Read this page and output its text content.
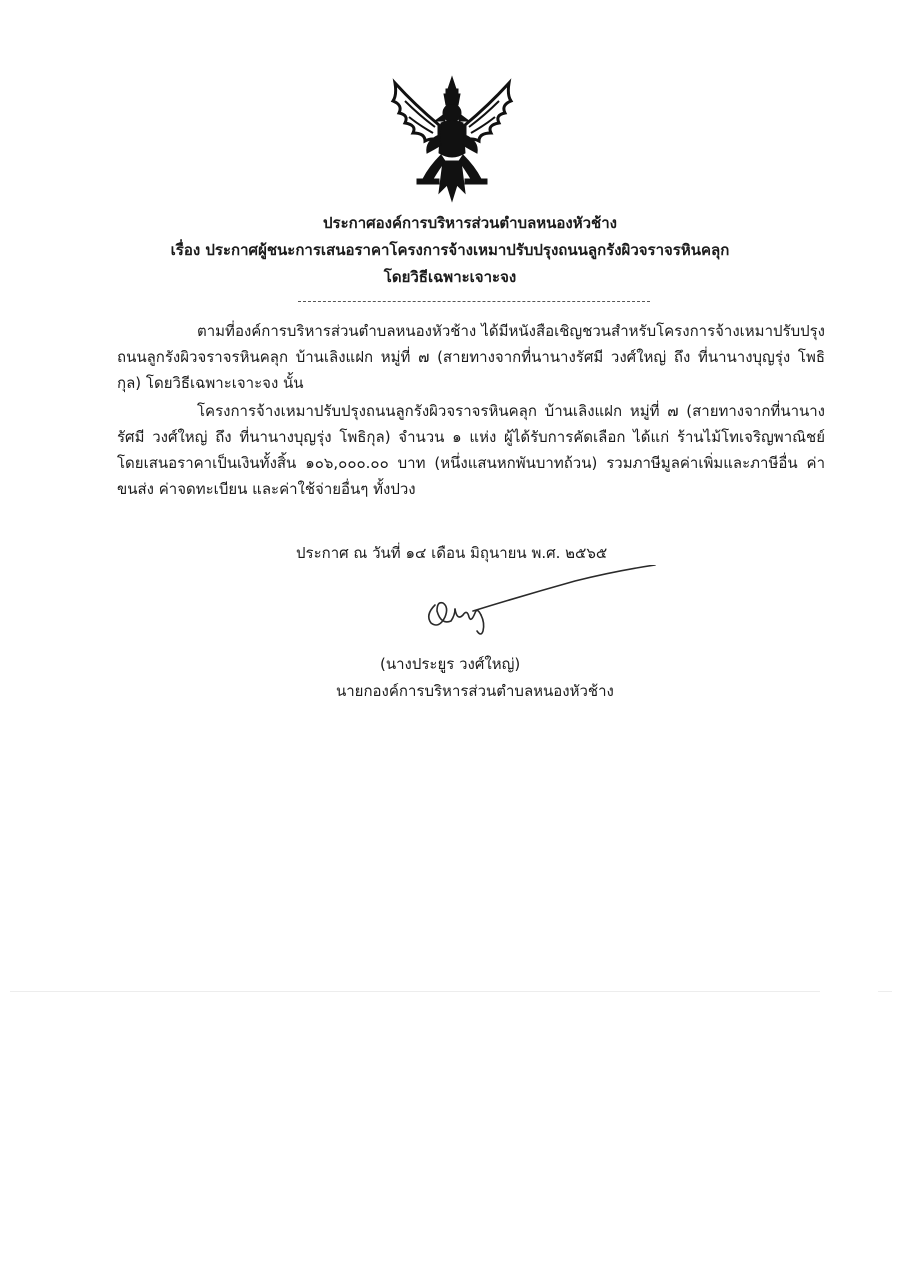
ประกาศองค์การบริหารส่วนตำบลหนองหัวช้าง
เรื่อง ประกาศผู้ชนะการเสนอราคาโครงการจ้างเหมาปรับปรุงถนนลูกรังผิวจราจรหินคลุก
โดยวิธีเฉพาะเจาะจง
ตามที่องค์การบริหารส่วนตำบลหนองหัวช้าง ได้มีหนังสือเชิญชวนสำหรับโครงการจ้างเหมาปรับปรุงถนนลูกรังผิวจราจรหินคลุก บ้านเลิงแฝก หมู่ที่ ๗ (สายทางจากที่นานางรัศมี วงศ์ใหญ่ ถึง ที่นานางบุญรุ่ง โพธิกุล) โดยวิธีเฉพาะเจาะจง นั้น
โครงการจ้างเหมาปรับปรุงถนนลูกรังผิวจราจรหินคลุก บ้านเลิงแฝก หมู่ที่ ๗ (สายทางจากที่นานางรัศมี วงศ์ใหญ่ ถึง ที่นานางบุญรุ่ง โพธิกุล) จำนวน ๑ แห่ง ผู้ได้รับการคัดเลือก ได้แก่ ร้านไม้โทเจริญพาณิชย์ โดยเสนอราคาเป็นเงินทั้งสิ้น ๑๐๖,๐๐๐.๐๐ บาท (หนึ่งแสนหกพันบาทถ้วน) รวมภาษีมูลค่าเพิ่มและภาษีอื่น ค่าขนส่ง ค่าจดทะเบียน และค่าใช้จ่ายอื่นๆ ทั้งปวง
ประกาศ ณ วันที่ ๑๔ เดือน มิถุนายน พ.ศ. ๒๕๖๕
(นางประยูร วงศ์ใหญ่)
นายกองค์การบริหารส่วนตำบลหนองหัวช้าง
